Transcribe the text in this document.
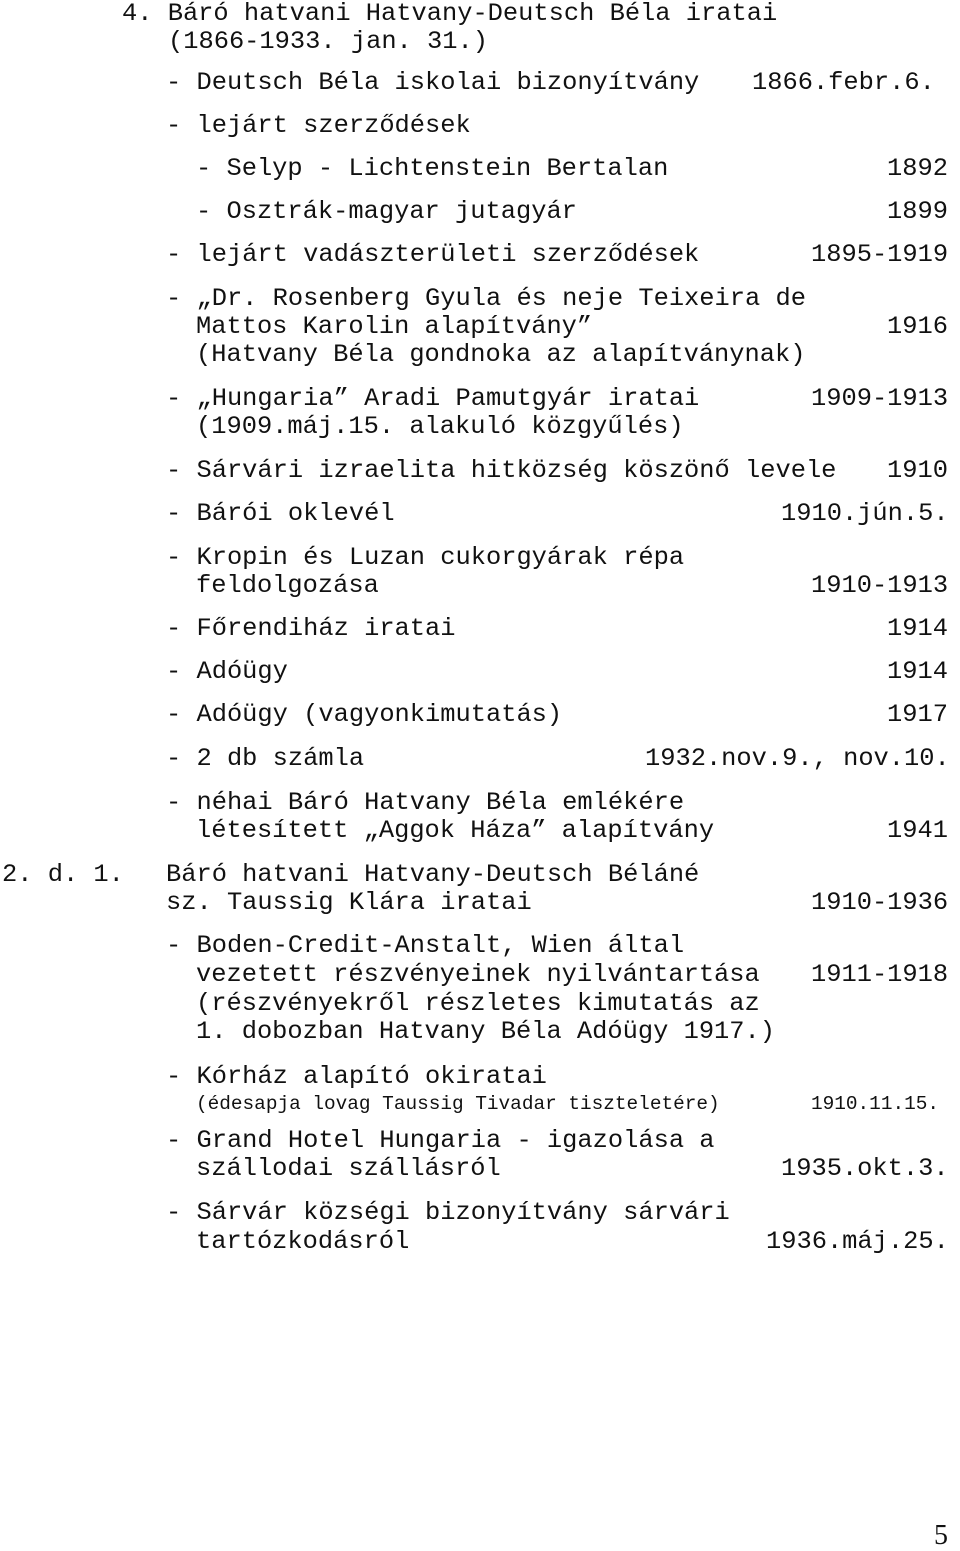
4. Báró hatvani Hatvany-Deutsch Béla iratai
(1866-1933. jan. 31.)
- Deutsch Béla iskolai bizonyítvány 1866.febr.6.
- lejárt szerződések
- Selyp - Lichtenstein Bertalan	1892
- Osztrák-magyar jutagyár	1899
- lejárt vadászterületi szerződések	1895-1919
- „Dr. Rosenberg Gyula és neje Teixeira de
Mattos Karolin alapítvány”	1916
(Hatvany Béla gondnoka az alapítványnak)
- „Hungaria” Aradi Pamutgyár iratai	1909-1913
(1909.máj.15. alakuló közgyűlés)
- Sárvári izraelita hitközség köszönő levele 1910
- Bárói oklevél	1910.jún.5.
- Kropin és Luzan cukorgyárak répa
feldolgozása	1910-1913
- Főrendiház iratai	1914
- Adóügy	1914
- Adóügy (vagyonkimutatás)	1917
- 2 db számla	1932.nov.9., nov.10.
- néhai Báró Hatvany Béla emlékére
létesített „Aggok Háza” alapítvány	1941
2. d. 1. Báró hatvani Hatvany-Deutsch Béláné
sz. Taussig Klára iratai	1910-1936
- Boden-Credit-Anstalt, Wien által
vezetett részvényeinek nyilvántartása 1911-1918
(részvényekről részletes kimutatás az
1. dobozban Hatvany Béla Adóügy 1917.)
- Kórház alapító okiratai
(édesapja lovag Taussig Tivadar tiszteletére)	1910.11.15.
- Grand Hotel Hungaria - igazolása a
szállodai szállásról	1935.okt.3.
- Sárvár községi bizonyítvány sárvári
tartózkodásról	1936.máj.25.
5
